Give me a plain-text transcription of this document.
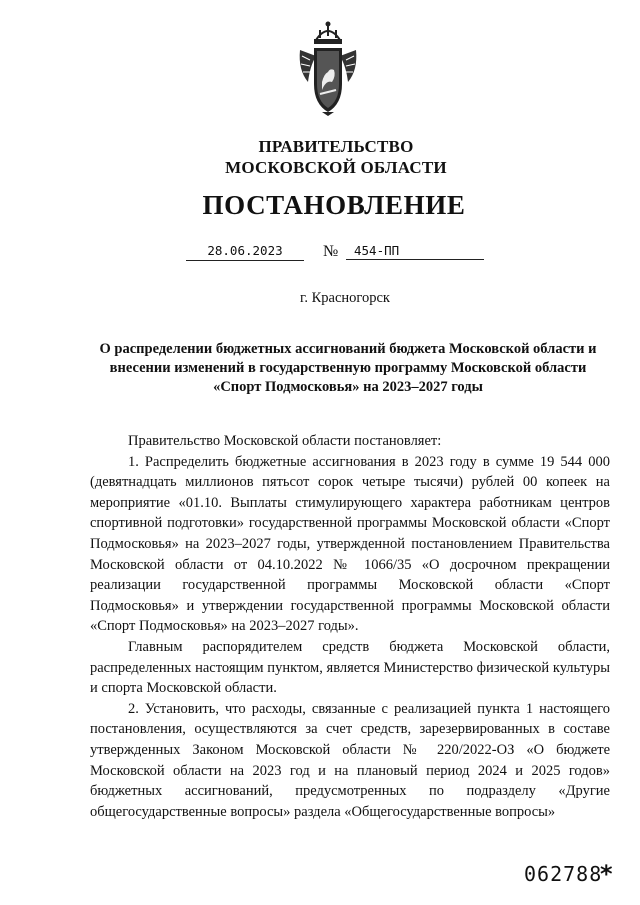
ПРАВИТЕЛЬСТВО
МОСКОВСКОЙ ОБЛАСТИ
ПОСТАНОВЛЕНИЕ
28.06.2023	№	454-ПП
г. Красногорск
О распределении бюджетных ассигнований бюджета Московской области и внесении изменений в государственную программу Московской области «Спорт Подмосковья» на 2023–2027 годы

Правительство Московской области постановляет:

1. Распределить бюджетные ассигнования в 2023 году в сумме 19 544 000 (девятнадцать миллионов пятьсот сорок четыре тысячи) рублей 00 копеек на мероприятие «01.10. Выплаты стимулирующего характера работникам центров спортивной подготовки» государственной программы Московской области «Спорт Подмосковья» на 2023–2027 годы, утвержденной постановлением Правительства Московской области от 04.10.2022 № 1066/35 «О досрочном прекращении реализации государственной программы Московской области «Спорт Подмосковья» и утверждении государственной программы Московской области «Спорт Подмосковья» на 2023–2027 годы».

Главным распорядителем средств бюджета Московской области, распределенных настоящим пунктом, является Министерство физической культуры и спорта Московской области.

2. Установить, что расходы, связанные с реализацией пункта 1 настоящего постановления, осуществляются за счет средств, зарезервированных в составе утвержденных Законом Московской области № 220/2022-ОЗ «О бюджете Московской области на 2023 год и на плановый период 2024 и 2025 годов» бюджетных ассигнований, предусмотренных по подразделу «Другие общегосударственные вопросы» раздела «Общегосударственные вопросы»

062788
*
